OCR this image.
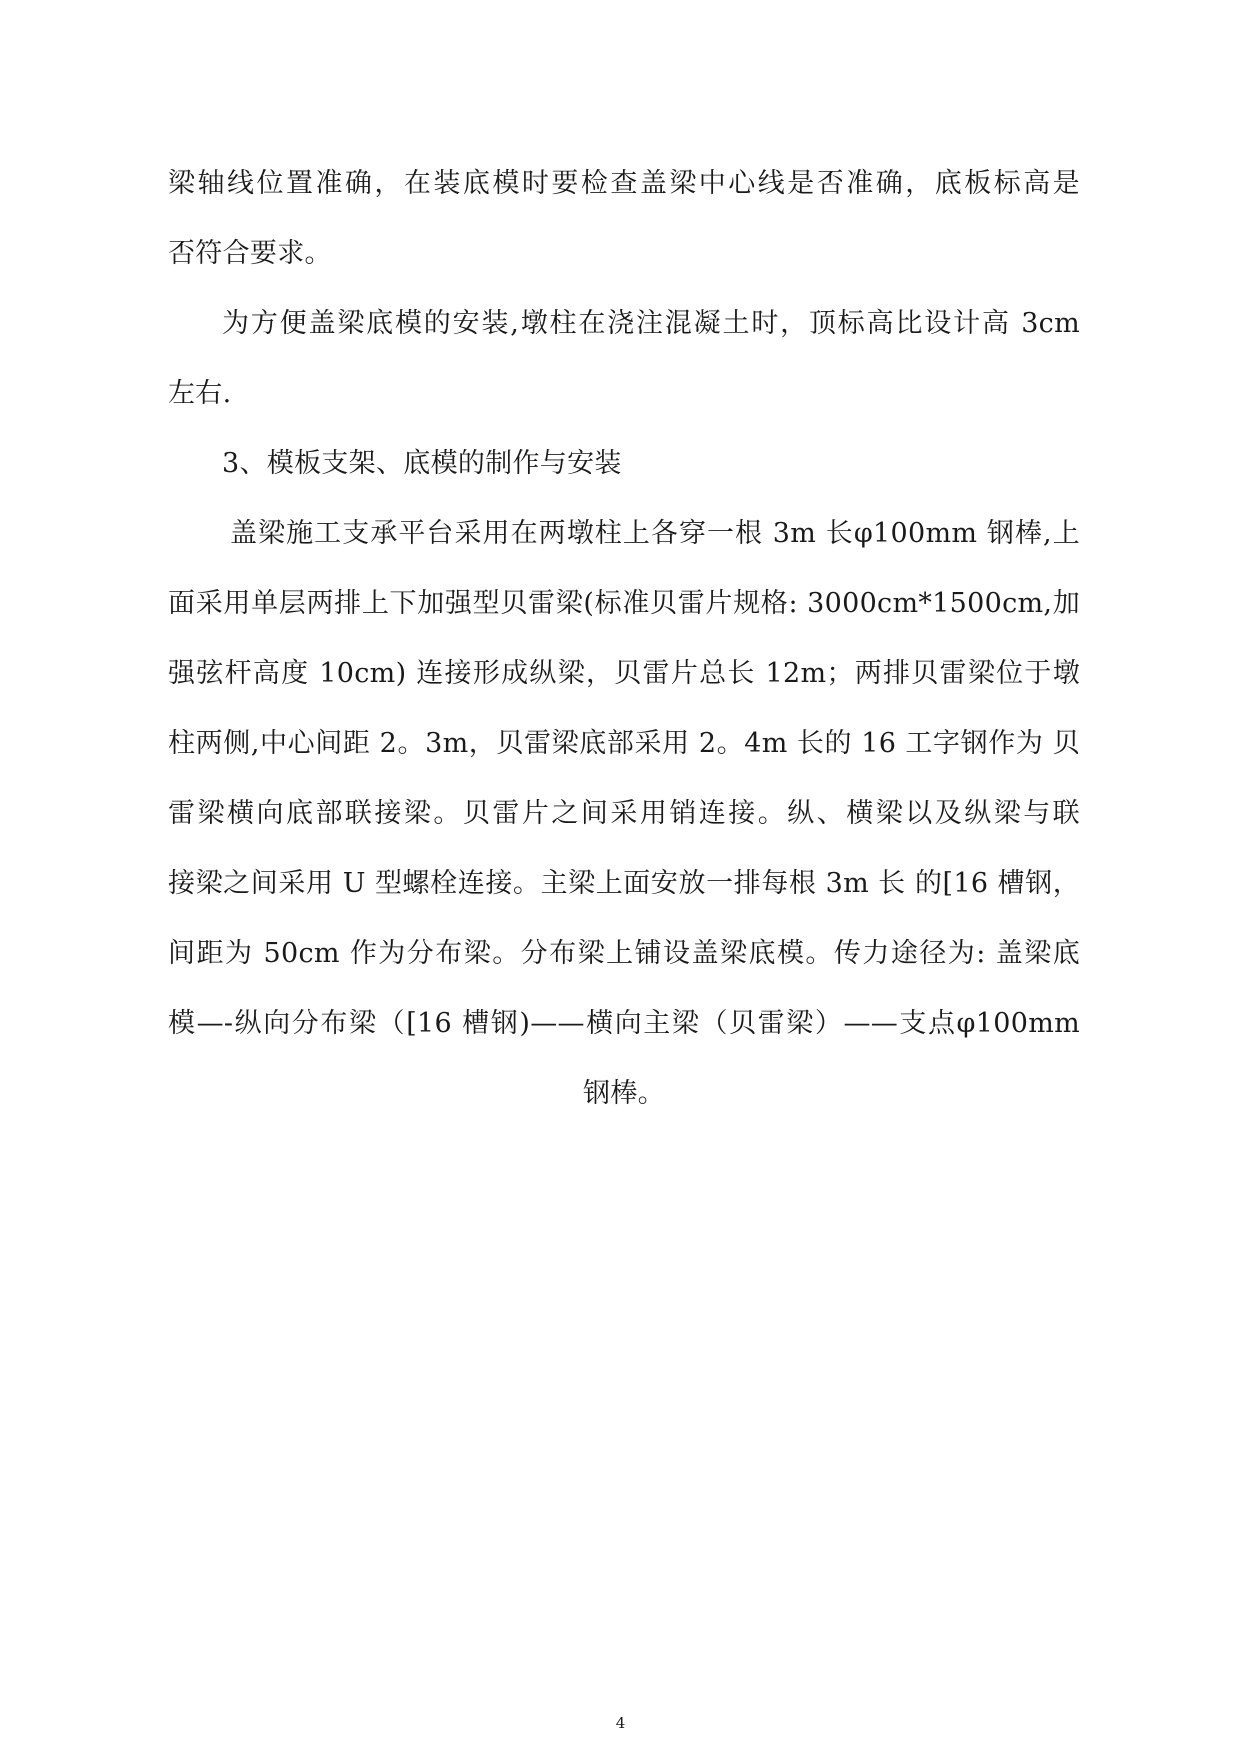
梁轴线位置准确，在装底模时要检查盖梁中心线是否准确，底板标高是
否符合要求。
为方便盖梁底模的安装,墩柱在浇注混凝土时，顶标高比设计高 3cm
左右.
3、模板支架、底模的制作与安装
盖梁施工支承平台采用在两墩柱上各穿一根 3m 长φ100mm 钢棒,上
面采用单层两排上下加强型贝雷梁(标准贝雷片规格: 3000cm*1500cm,加
强弦杆高度 10cm) 连接形成纵梁，贝雷片总长 12m；两排贝雷梁位于墩
柱两侧,中心间距 2。3m，贝雷梁底部采用 2。4m 长的 16 工字钢作为 贝
雷梁横向底部联接梁。贝雷片之间采用销连接。纵、横梁以及纵梁与联
接梁之间采用 U 型螺栓连接。主梁上面安放一排每根 3m 长 的[16 槽钢，
间距为 50cm 作为分布梁。分布梁上铺设盖梁底模。传力途径为: 盖梁底
模—-纵向分布梁（[16 槽钢)——横向主梁（贝雷梁）——支点φ100mm
钢棒。
4
